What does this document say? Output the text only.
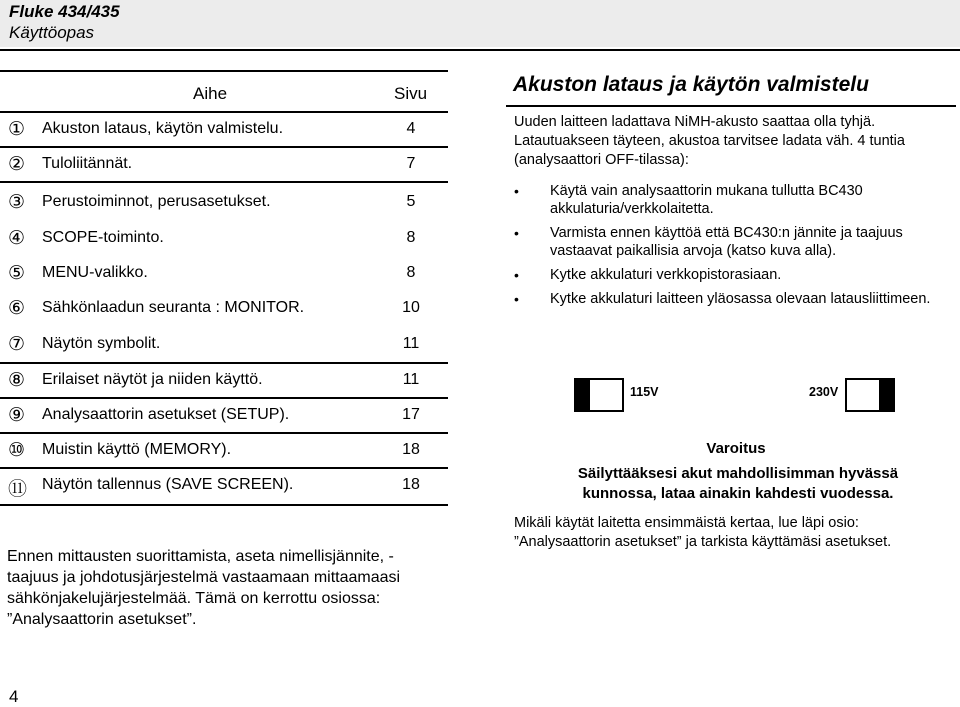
Fluke 434/435
Käyttöopas
Aihe	Sivu
① Akuston lataus, käytön valmistelu.	4
② Tuloliitännät.	7
③ Perustoiminnot, perusasetukset.	5
④ SCOPE-toiminto.	8
⑤ MENU-valikko.	8
⑥ Sähkönlaadun seuranta : MONITOR.	10
⑦ Näytön symbolit.	11
⑧ Erilaiset näytöt ja niiden käyttö.	11
⑨ Analysaattorin asetukset (SETUP).	17
⑩ Muistin käyttö (MEMORY).	18
⑪ Näytön tallennus (SAVE SCREEN).	18
Ennen mittausten suorittamista, aseta nimellisjännite, -taajuus ja johdotusjärjestelmä vastaamaan mittaamaasi sähkönjakelujärjestelmää. Tämä on kerrottu osiossa: ”Analysaattorin asetukset”.
Akuston lataus ja käytön valmistelu
Uuden laitteen ladattava NiMH-akusto saattaa olla tyhjä. Latautuakseen täyteen, akustoa tarvitsee ladata väh. 4 tuntia (analysaattori OFF-tilassa):
• Käytä vain analysaattorin mukana tullutta BC430 akkulaturia/verkkolaitetta.
• Varmista ennen käyttöä että BC430:n jännite ja taajuus vastaavat paikallisia arvoja (katso kuva alla).
• Kytke akkulaturi verkkopistorasiaan.
• Kytke akkulaturi laitteen yläosassa olevaan latausliittimeen.
115V	230V
Varoitus
Säilyttääksesi akut mahdollisimman hyvässä kunnossa, lataa ainakin kahdesti vuodessa.
Mikäli käytät laitetta ensimmäistä kertaa, lue läpi osio: ”Analysaattorin asetukset” ja tarkista käyttämäsi asetukset.
4
